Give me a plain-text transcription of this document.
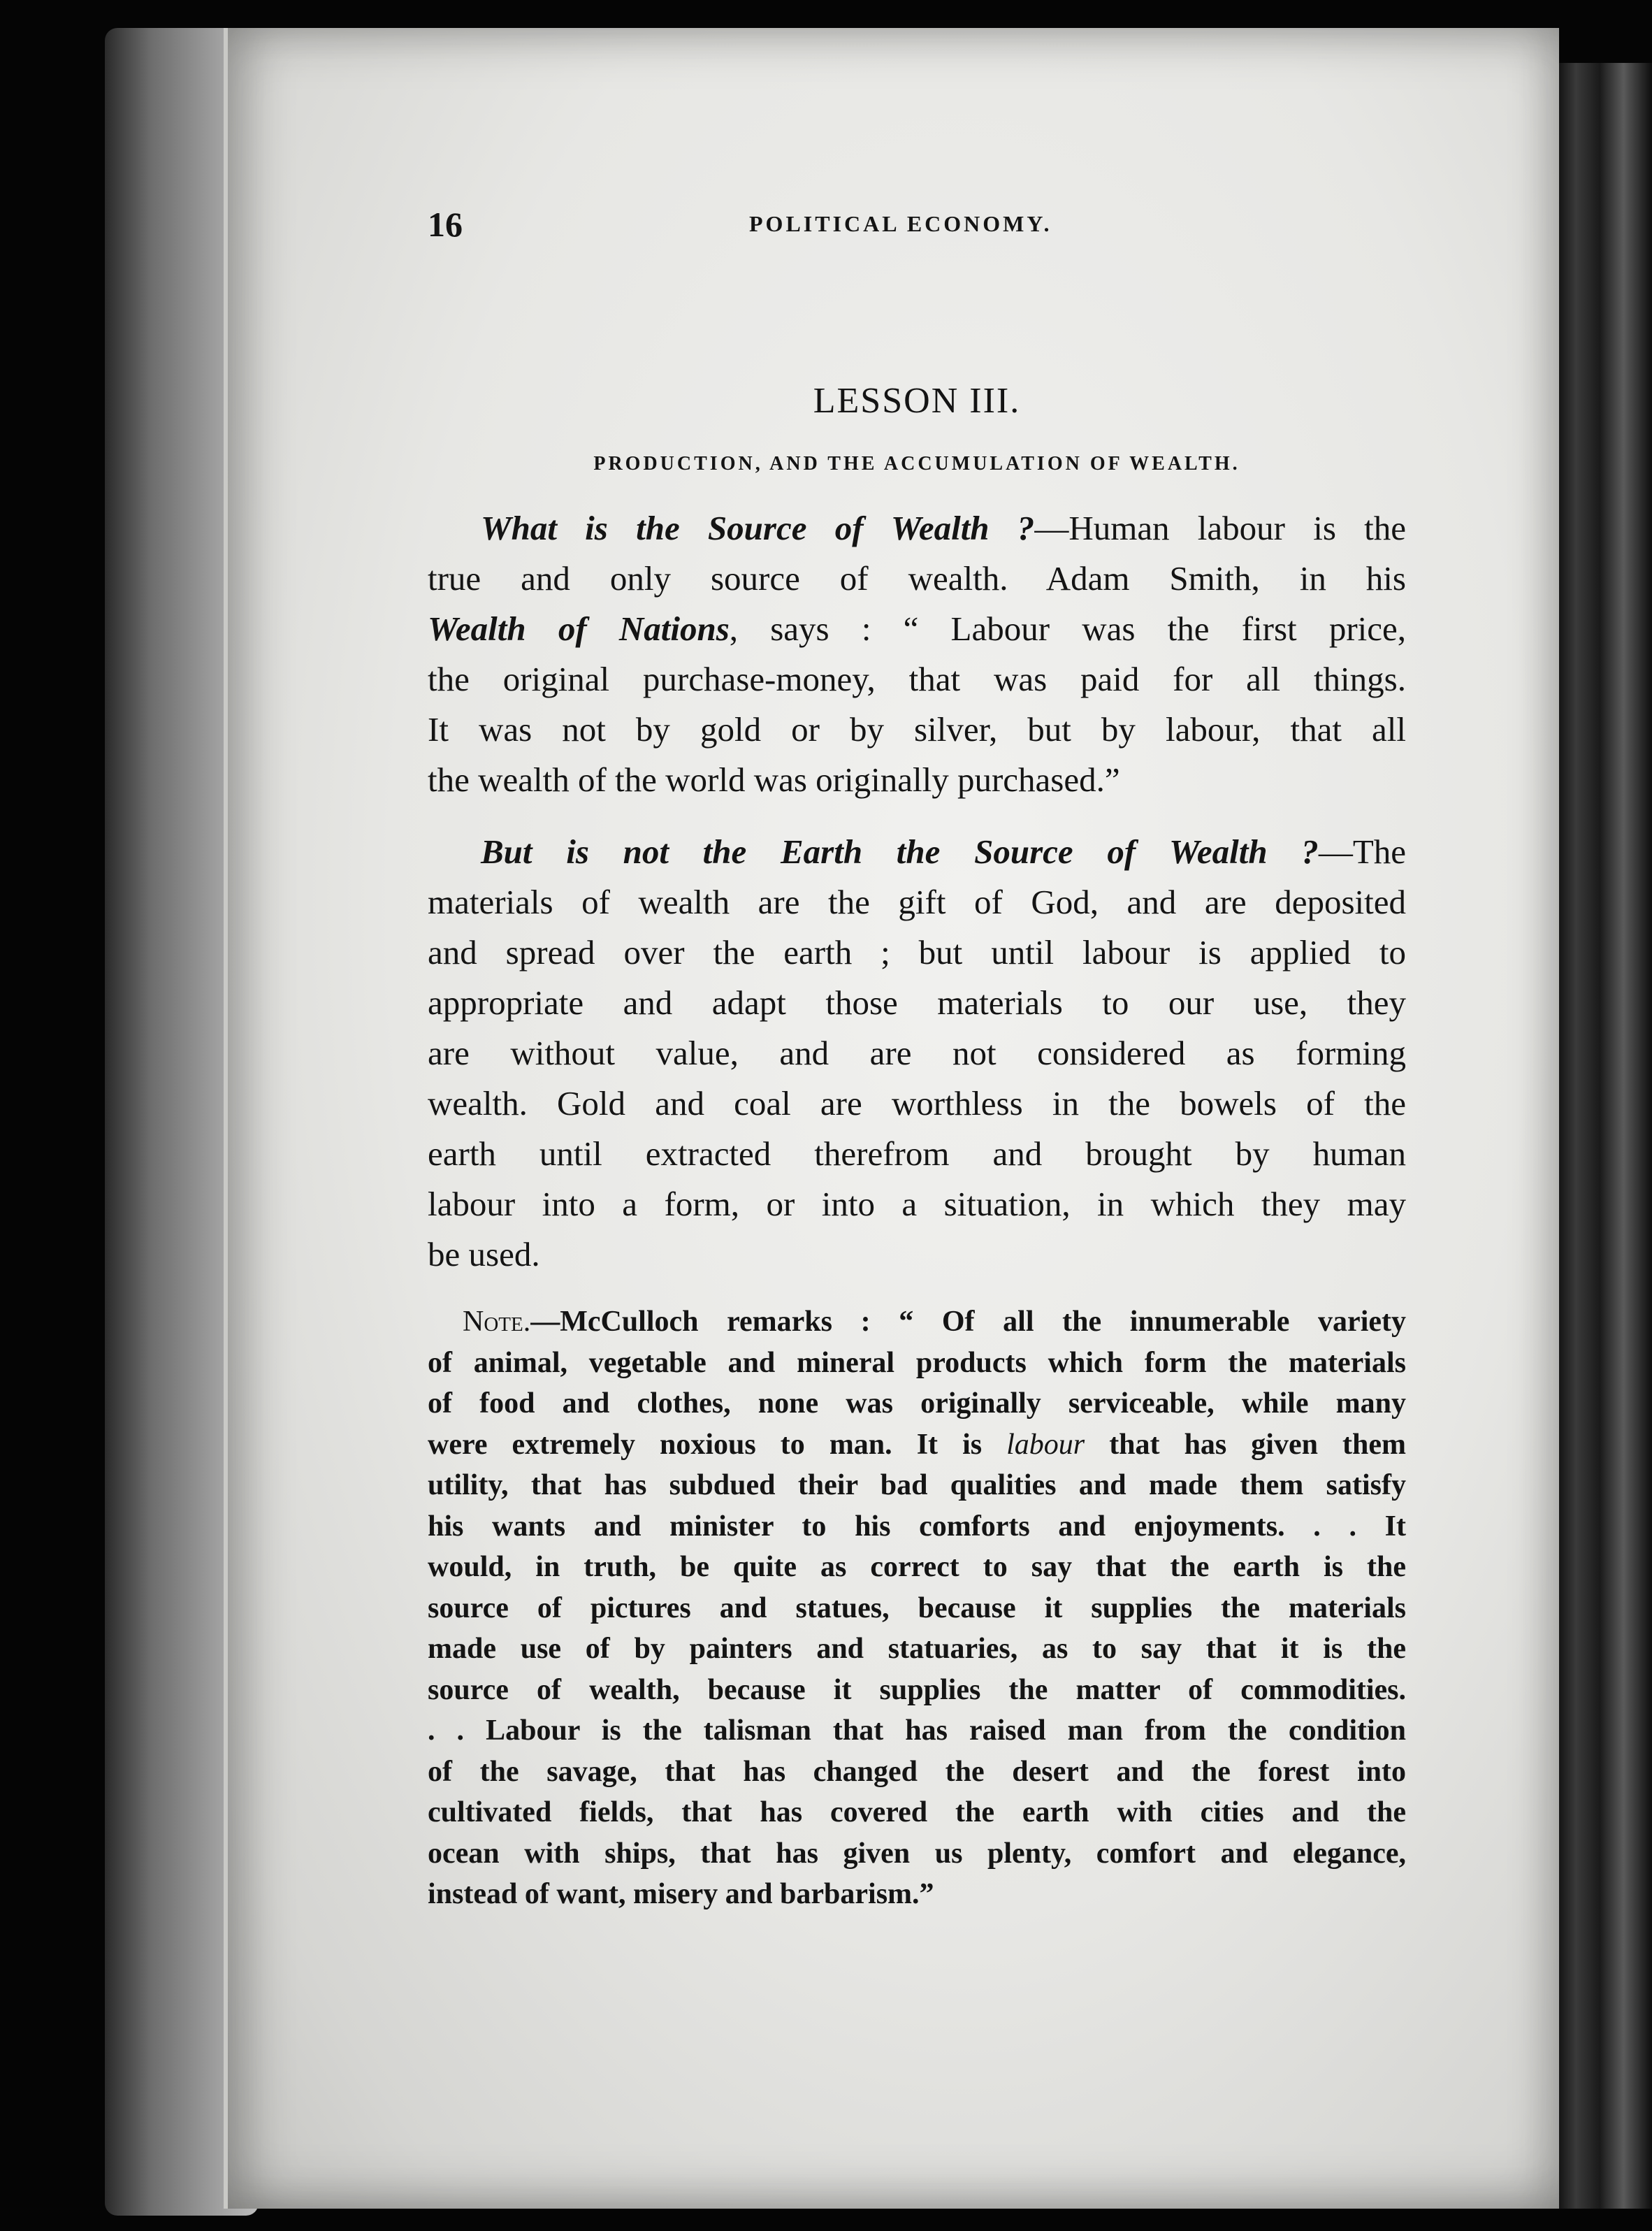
16	POLITICAL ECONOMY.
LESSON III.
PRODUCTION, AND THE ACCUMULATION OF WEALTH.
What is the Source of Wealth ?—Human labour is the
true and only source of wealth. Adam Smith, in his
Wealth of Nations, says : “ Labour was the first price,
the original purchase-money, that was paid for all things.
It was not by gold or by silver, but by labour, that all
the wealth of the world was originally purchased.”
But is not the Earth the Source of Wealth ?—The
materials of wealth are the gift of God, and are deposited
and spread over the earth ; but until labour is applied to
appropriate and adapt those materials to our use, they
are without value, and are not considered as forming
wealth. Gold and coal are worthless in the bowels of the
earth until extracted therefrom and brought by human
labour into a form, or into a situation, in which they may
be used.
Note.—McCulloch remarks : “ Of all the innumerable variety
of animal, vegetable and mineral products which form the materials
of food and clothes, none was originally serviceable, while many
were extremely noxious to man. It is labour that has given them
utility, that has subdued their bad qualities and made them satisfy
his wants and minister to his comforts and enjoyments. . . It
would, in truth, be quite as correct to say that the earth is the
source of pictures and statues, because it supplies the materials
made use of by painters and statuaries, as to say that it is the
source of wealth, because it supplies the matter of commodities.
. . Labour is the talisman that has raised man from the condition
of the savage, that has changed the desert and the forest into
cultivated fields, that has covered the earth with cities and the
ocean with ships, that has given us plenty, comfort and elegance,
instead of want, misery and barbarism.”
